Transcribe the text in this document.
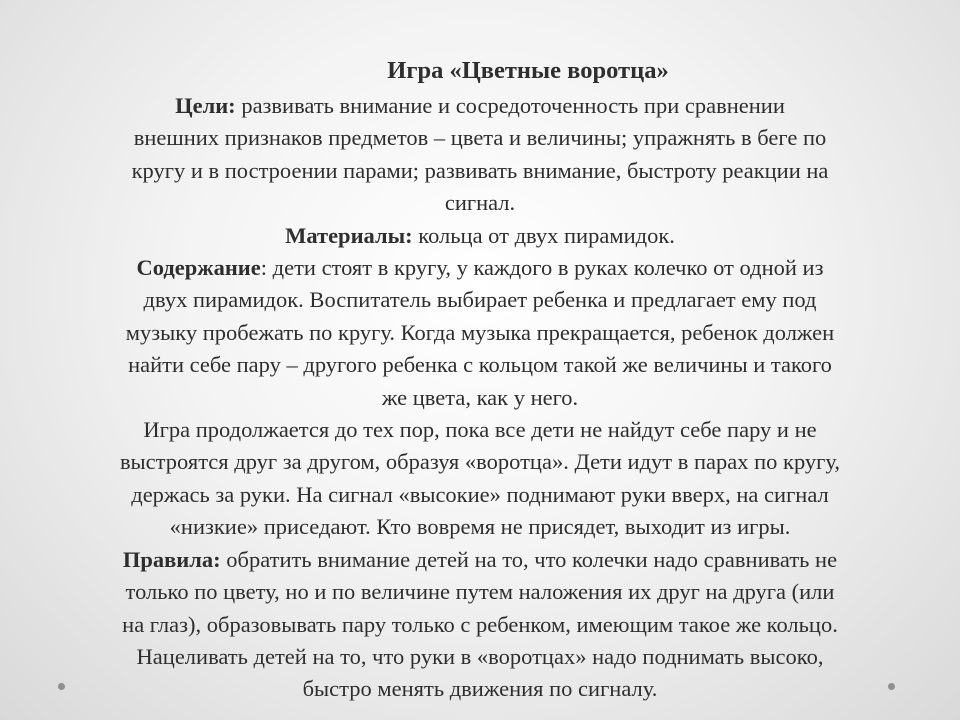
Игра «Цветные воротца»
Цели: развивать внимание и сосредоточенность при сравнении
внешних признаков предметов – цвета и величины; упражнять в беге по
кругу и в построении парами; развивать внимание, быстроту реакции на
сигнал.
Материалы: кольца от двух пирамидок.
Содержание: дети стоят в кругу, у каждого в руках колечко от одной из
двух пирамидок. Воспитатель выбирает ребенка и предлагает ему под
музыку пробежать по кругу. Когда музыка прекращается, ребенок должен
найти себе пару – другого ребенка с кольцом такой же величины и такого
же цвета, как у него.
Игра продолжается до тех пор, пока все дети не найдут себе пару и не
выстроятся друг за другом, образуя «воротца». Дети идут в парах по кругу,
держась за руки. На сигнал «высокие» поднимают руки вверх, на сигнал
«низкие» приседают. Кто вовремя не присядет, выходит из игры.
Правила: обратить внимание детей на то, что колечки надо сравнивать не
только по цвету, но и по величине путем наложения их друг на друга (или
на глаз), образовывать пару только с ребенком, имеющим такое же кольцо.
Нацеливать детей на то, что руки в «воротцах» надо поднимать высоко,
быстро менять движения по сигналу.
